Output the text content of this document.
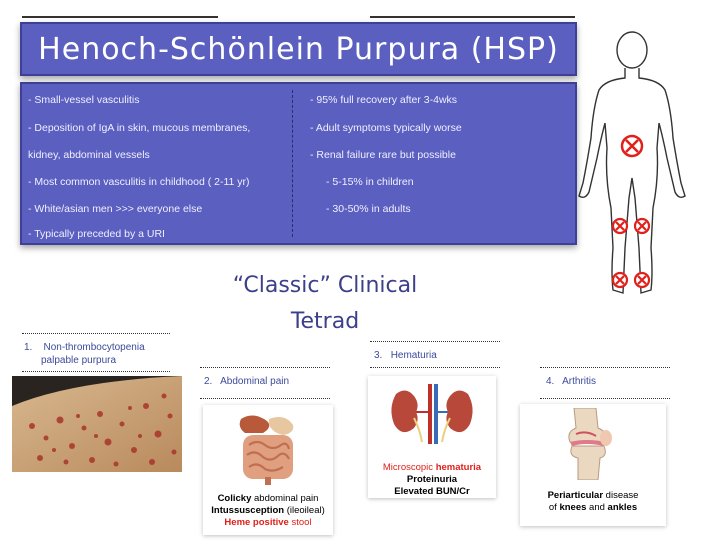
Henoch-Schönlein Purpura (HSP)
- Small-vessel vasculitis
- Deposition of IgA in skin, mucous membranes,
kidney, abdominal vessels
- Most common vasculitis in childhood ( 2-11 yr)
- White/asian men >>> everyone else
- Typically preceded by a URI
- 95% full recovery after 3-4wks
- Adult symptoms typically worse
- Renal failure rare but possible
- 5-15% in children
- 30-50% in adults
“Classic” Clinical
Tetrad
1. Non-thrombocytopenia
palpable purpura
2. Abdominal pain
Colicky abdominal pain
Intussusception (ileoileal)
Heme positive stool
3. Hematuria
Microscopic hematuria
Proteinuria
Elevated BUN/Cr
4. Arthritis
Periarticular disease
of knees and ankles
